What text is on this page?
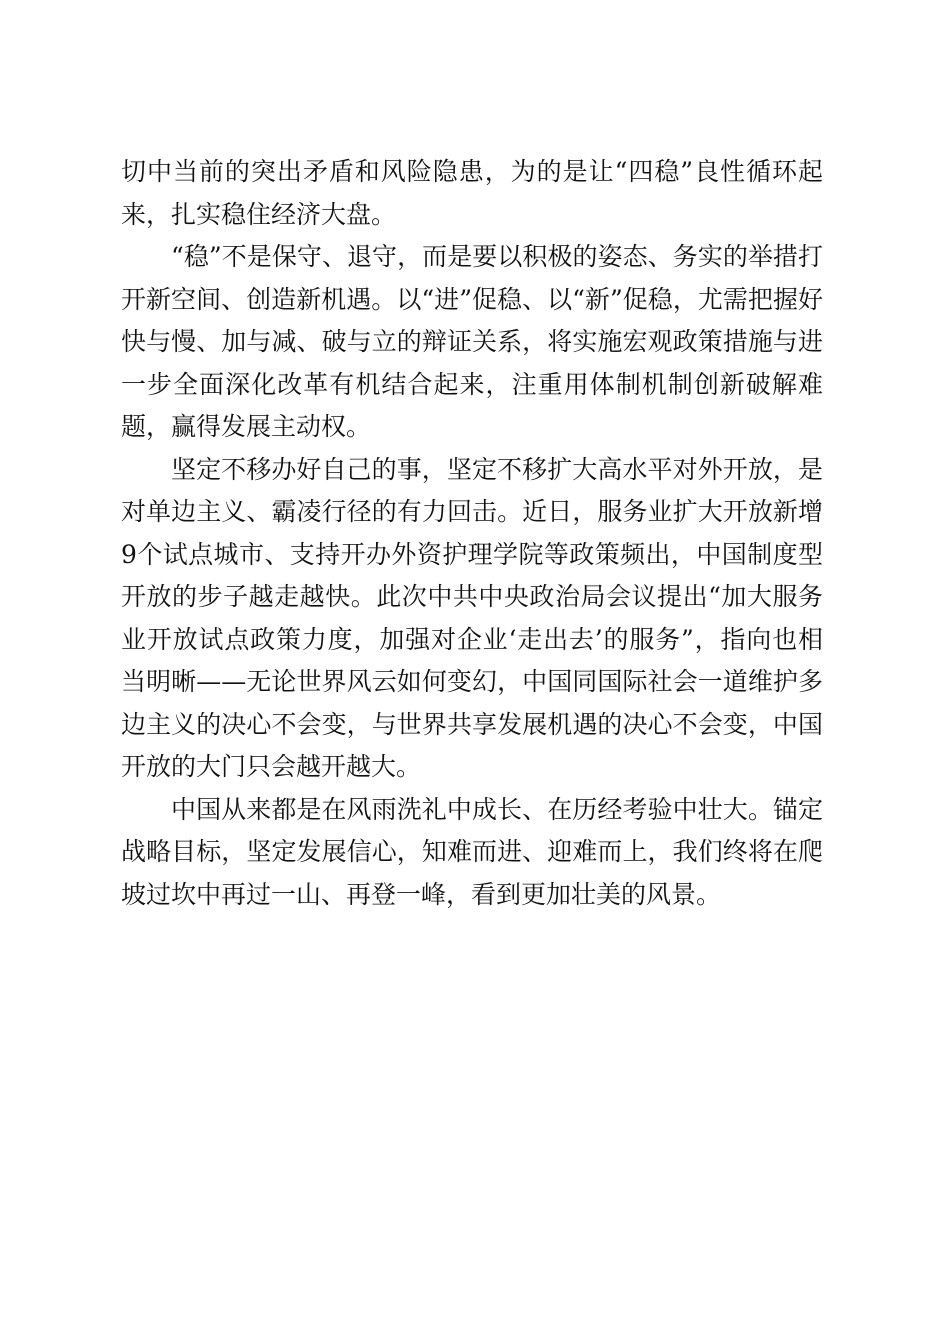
切中当前的突出矛盾和风险隐患，为的是让“四稳”良性循环起来，扎实稳住经济大盘。

“稳”不是保守、退守，而是要以积极的姿态、务实的举措打开新空间、创造新机遇。以“进”促稳、以“新”促稳，尤需把握好快与慢、加与减、破与立的辩证关系，将实施宏观政策措施与进一步全面深化改革有机结合起来，注重用体制机制创新破解难题，赢得发展主动权。

坚定不移办好自己的事，坚定不移扩大高水平对外开放，是对单边主义、霸凌行径的有力回击。近日，服务业扩大开放新增9个试点城市、支持开办外资护理学院等政策频出，中国制度型开放的步子越走越快。此次中共中央政治局会议提出“加大服务业开放试点政策力度，加强对企业‘走出去’的服务”，指向也相当明晰——无论世界风云如何变幻，中国同国际社会一道维护多边主义的决心不会变，与世界共享发展机遇的决心不会变，中国开放的大门只会越开越大。

中国从来都是在风雨洗礼中成长、在历经考验中壮大。锚定战略目标，坚定发展信心，知难而进、迎难而上，我们终将在爬坡过坎中再过一山、再登一峰，看到更加壮美的风景。
